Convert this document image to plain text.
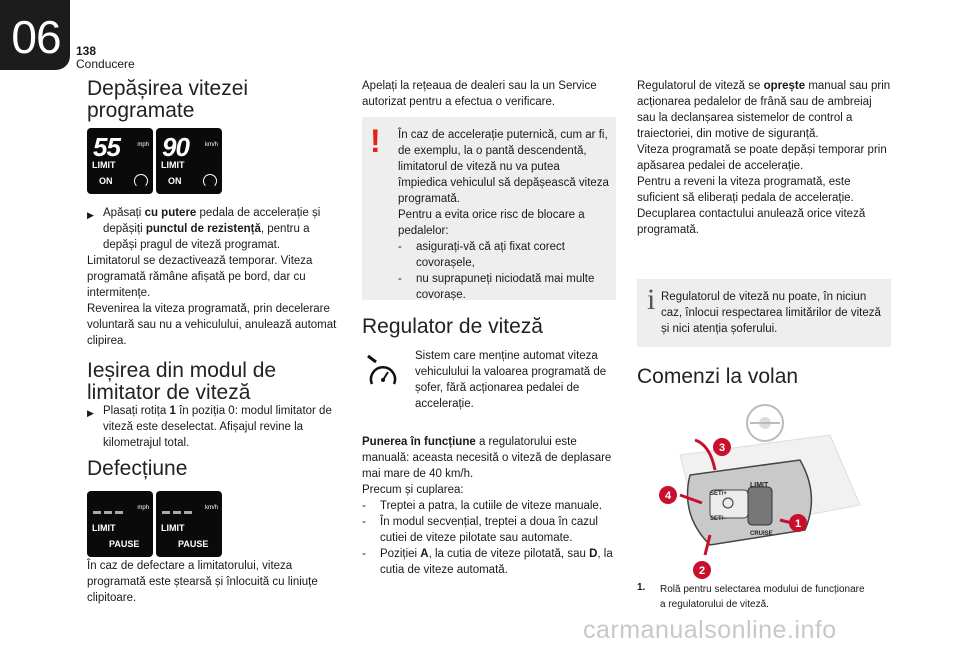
06	138
Conducere
Depășirea vitezei programate
55	mph
LIMIT
ON
90	km/h
LIMIT
ON
▶ Apăsați cu putere pedala de accelerație și depășiți punctul de rezistență, pentru a depăși pragul de viteză programat.

Limitatorul se dezactivează temporar. Viteza programată rămâne afișată pe bord, dar cu intermitențe.

Revenirea la viteza programată, prin decelerare voluntară sau nu a vehiculului, anulează automat clipirea.

Ieșirea din modul de limitator de viteză
▶ Plasați rotița 1 în poziția 0: modul limitator de viteză este deselectat. Afișajul revine la kilometrajul total.

Defecțiune
mph
LIMIT
PAUSE
km/h
LIMIT
PAUSE
În caz de defectare a limitatorului, viteza programată este ștearsă și înlocuită cu liniuțe clipitoare.
Apelați la rețeaua de dealeri sau la un Service autorizat pentru a efectua o verificare.
! În caz de accelerație puternică, cum ar fi, de exemplu, la o pantă descendentă, limitatorul de viteză nu va putea împiedica vehiculul să depășească viteza programată.

Pentru a evita orice risc de blocare a pedalelor:

-	asigurați-vă că ați fixat corect covorașele,

-	nu suprapuneți niciodată mai multe covorașe.

Regulator de viteză
Sistem care menține automat viteza vehiculului la valoarea programată de șofer, fără acționarea pedalei de accelerație.

Punerea în funcțiune a regulatorului este manuală: aceasta necesită o viteză de deplasare mai mare de 40 km/h.

Precum și cuplarea:

-	Treptei a patra, la cutiile de viteze manuale.

-	În modul secvențial, treptei a doua în cazul cutiei de viteze pilotate sau automate.

-	Poziției A, la cutia de viteze pilotată, sau D, la cutia de viteze automată.

Regulatorul de viteză se oprește manual sau prin acționarea pedalelor de frână sau de ambreiaj sau la declanșarea sistemelor de control a traiectoriei, din motive de siguranță.

Viteza programată se poate depăși temporar prin apăsarea pedalei de accelerație.

Pentru a reveni la viteza programată, este suficient să eliberați pedala de accelerație.

Decuplarea contactului anulează orice viteză programată.

i Regulatorul de viteză nu poate, în niciun caz, înlocui respectarea limitărilor de viteză și nici atenția șoferului.
Comenzi la volan
LIMIT
SET/+
SET/–
CRUISE
3
4
2
1
1. Rolă pentru selectarea modului de funcționare a regulatorului de viteză.
carmanualsonline.info
